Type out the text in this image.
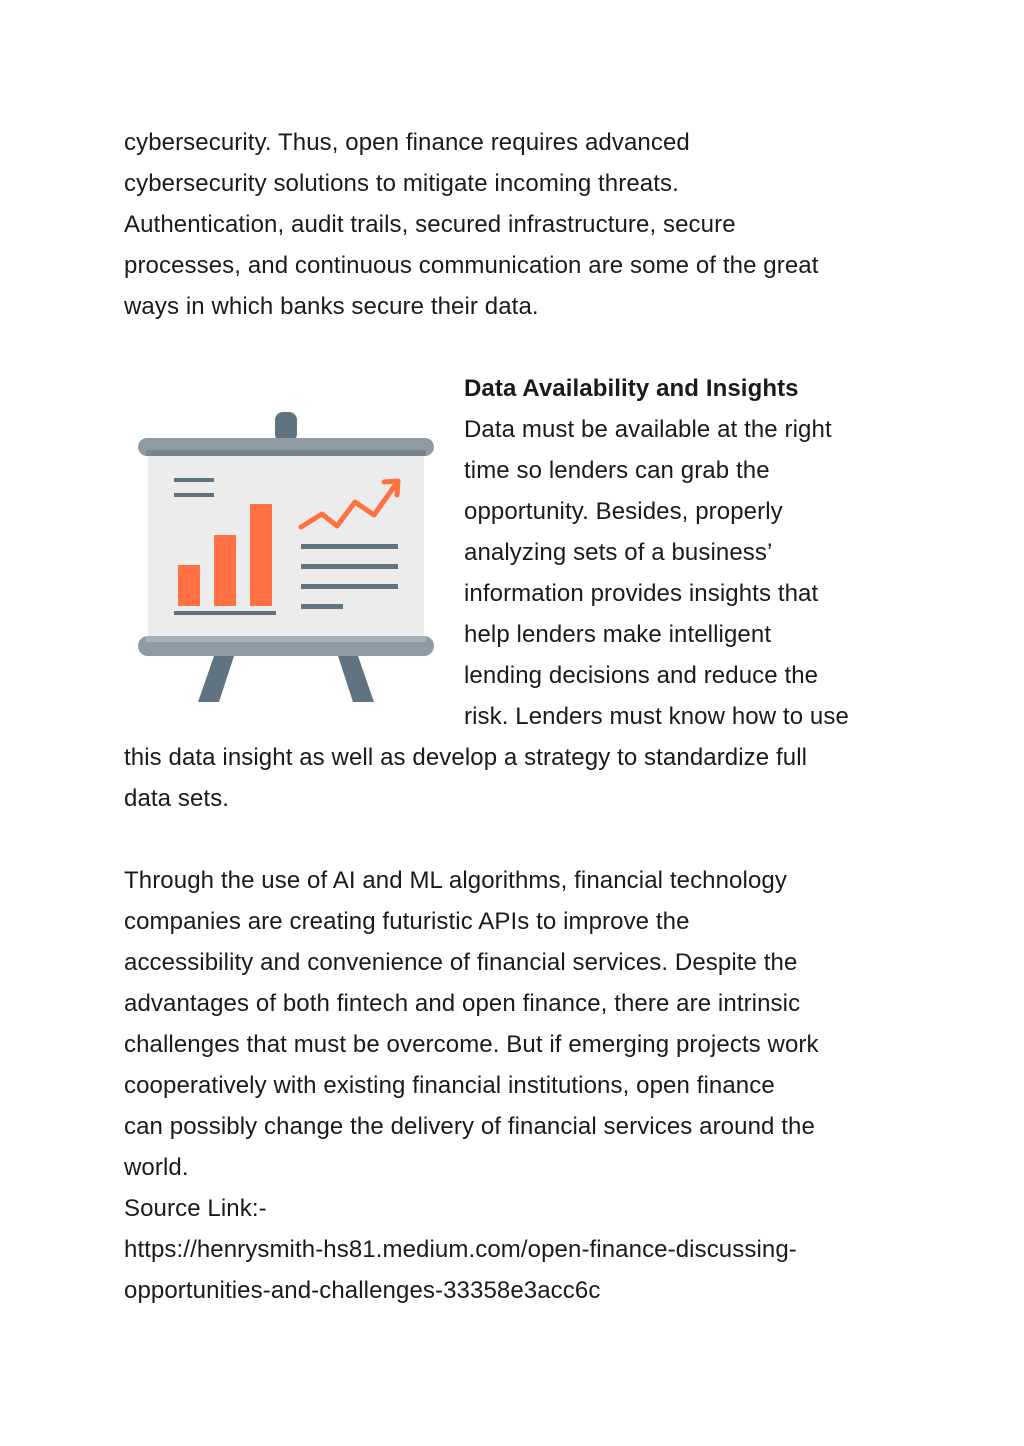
cybersecurity. Thus, open finance requires advanced
cybersecurity solutions to mitigate incoming threats.
Authentication, audit trails, secured infrastructure, secure
processes, and continuous communication are some of the great
ways in which banks secure their data.
Data Availability and Insights
Data must be available at the right
time so lenders can grab the
opportunity. Besides, properly
analyzing sets of a business’
information provides insights that
help lenders make intelligent
lending decisions and reduce the
risk. Lenders must know how to use
this data insight as well as develop a strategy to standardize full
data sets.
Through the use of AI and ML algorithms, financial technology
companies are creating futuristic APIs to improve the
accessibility and convenience of financial services. Despite the
advantages of both fintech and open finance, there are intrinsic
challenges that must be overcome. But if emerging projects work
cooperatively with existing financial institutions, open finance
can possibly change the delivery of financial services around the
world.
Source Link:-
https://henrysmith-hs81.medium.com/open-finance-discussing-
opportunities-and-challenges-33358e3acc6c
